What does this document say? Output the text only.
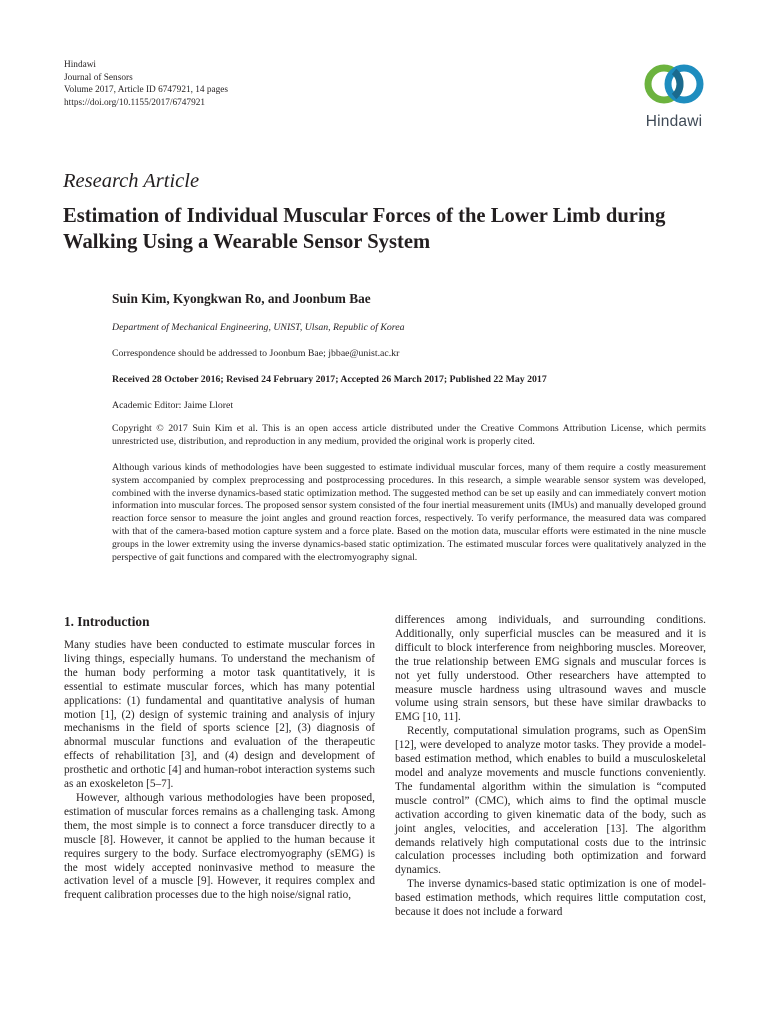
Hindawi
Journal of Sensors
Volume 2017, Article ID 6747921, 14 pages
https://doi.org/10.1155/2017/6747921
Hindawi
Research Article
Estimation of Individual Muscular Forces of the Lower Limb during Walking Using a Wearable Sensor System
Suin Kim, Kyongkwan Ro, and Joonbum Bae
Department of Mechanical Engineering, UNIST, Ulsan, Republic of Korea
Correspondence should be addressed to Joonbum Bae; jbbae@unist.ac.kr
Received 28 October 2016; Revised 24 February 2017; Accepted 26 March 2017; Published 22 May 2017
Academic Editor: Jaime Lloret
Copyright © 2017 Suin Kim et al. This is an open access article distributed under the Creative Commons Attribution License, which permits unrestricted use, distribution, and reproduction in any medium, provided the original work is properly cited.
Although various kinds of methodologies have been suggested to estimate individual muscular forces, many of them require a costly measurement system accompanied by complex preprocessing and postprocessing procedures. In this research, a simple wearable sensor system was developed, combined with the inverse dynamics-based static optimization method. The suggested method can be set up easily and can immediately convert motion information into muscular forces. The proposed sensor system consisted of the four inertial measurement units (IMUs) and manually developed ground reaction force sensor to measure the joint angles and ground reaction forces, respectively. To verify performance, the measured data was compared with that of the camera-based motion capture system and a force plate. Based on the motion data, muscular efforts were estimated in the nine muscle groups in the lower extremity using the inverse dynamics-based static optimization. The estimated muscular forces were qualitatively analyzed in the perspective of gait functions and compared with the electromyography signal.
1. Introduction

Many studies have been conducted to estimate muscular forces in living things, especially humans. To understand the mechanism of the human body performing a motor task quantitatively, it is essential to estimate muscular forces, which has many potential applications: (1) fundamental and quantitative analysis of human motion [1], (2) design of systemic training and analysis of injury mechanisms in the field of sports science [2], (3) diagnosis of abnormal muscular functions and evaluation of the therapeutic effects of rehabilitation [3], and (4) design and development of prosthetic and orthotic [4] and human-robot interaction systems such as an exoskeleton [5–7].

However, although various methodologies have been proposed, estimation of muscular forces remains as a challenging task. Among them, the most simple is to connect a force transducer directly to a muscle [8]. However, it cannot be applied to the human because it requires surgery to the body. Surface electromyography (sEMG) is the most widely accepted noninvasive method to measure the activation level of a muscle [9]. However, it requires complex and frequent calibration processes due to the high noise/signal ratio,

differences among individuals, and surrounding conditions. Additionally, only superficial muscles can be measured and it is difficult to block interference from neighboring muscles. Moreover, the true relationship between EMG signals and muscular forces is not yet fully understood. Other researchers have attempted to measure muscle hardness using ultrasound waves and muscle volume using strain sensors, but these have similar drawbacks to EMG [10, 11].

Recently, computational simulation programs, such as OpenSim [12], were developed to analyze motor tasks. They provide a model-based estimation method, which enables to build a musculoskeletal model and analyze movements and muscle functions conveniently. The fundamental algorithm within the simulation is “computed muscle control” (CMC), which aims to find the optimal muscle activation according to given kinematic data of the body, such as joint angles, velocities, and acceleration [13]. The algorithm demands relatively high computational costs due to the intrinsic calculation processes including both optimization and forward dynamics.

The inverse dynamics-based static optimization is one of model-based estimation methods, which requires little computation cost, because it does not include a forward
